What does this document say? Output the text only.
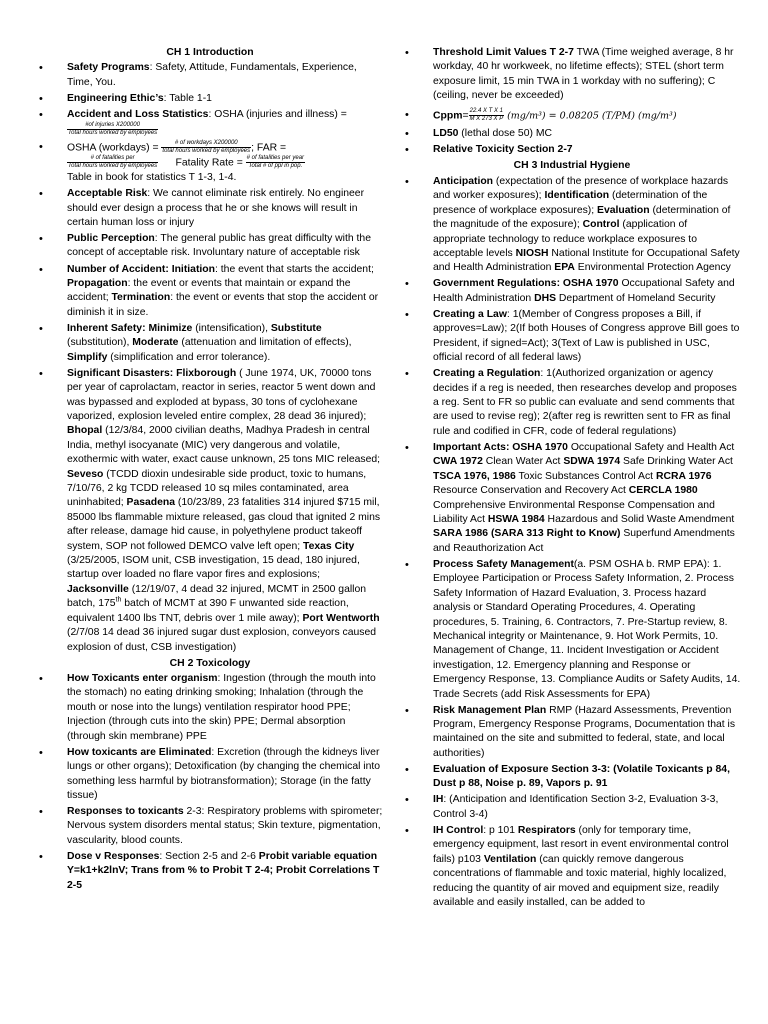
CH 1 Introduction
• Safety Programs: Safety, Attitude, Fundamentals, Experience, Time, You.
• Engineering Ethic’s: Table 1-1
• Accident and Loss Statistics: OSHA (injuries and illness) =

$\frac{\text{\#of injuries X200000}}{\text{Total hours worked by employees}}$
• OSHA (workdays) = $\frac{\text{\# of workdays X200000}}{\text{total hours worked by employees}}$ ; FAR =

$\frac{\text{\# of fatalities per}}{\text{Total hours worked by employees}}$ Fatality Rate = $\frac{\text{\# of fatalities per year}}{\text{Total \# of ppl in pop.}}$

Table in book for statistics T 1-3, 1-4.
• Acceptable Risk: We cannot eliminate risk entirely. No engineer should ever design a process that he or she knows will result in certain human loss or injury
• Public Perception: The general public has great difficulty with the concept of acceptable risk. Involuntary nature of acceptable risk
• Number of Accident: Initiation: the event that starts the accident; Propagation: the event or events that maintain or expand the accident; Termination: the event or events that stop the accident or diminish it in size.
• Inherent Safety: Minimize (intensification), Substitute (substitution), Moderate (attenuation and limitation of effects), Simplify (simplification and error tolerance).
• Significant Disasters: Flixborough ( June 1974, UK, 70000 tons per year of caprolactam, reactor in series, reactor 5 went down and was bypassed and exploded at bypass, 30 tons of cyclohexane vaporized, explosion leveled entire complex, 28 dead 36 injured); Bhopal (12/3/84, 2000 civilian deaths, Madhya Pradesh in central India, methyl isocyanate (MIC) very dangerous and volatile, exothermic with water, exact cause unknown, 25 tons MIC released; Seveso (TCDD dioxin undesirable side product, toxic to humans, 7/10/76, 2 kg TCDD released 10 sq miles contaminated, area uninhabited; Pasadena (10/23/89, 23 fatalities 314 injured $715 mil, 85000 lbs flammable mixture released, gas cloud that ignited 2 mins after release, damage hid cause, in polyethylene product takeoff system, SOP not followed DEMCO valve left open; Texas City (3/25/2005, ISOM unit, CSB investigation, 15 dead, 180 injured, startup over loaded no flare vapor fires and explosions; Jacksonville (12/19/07, 4 dead 32 injured, MCMT in 2500 gallon batch, 175th batch of MCMT at 390 F unwanted side reaction, equivalent 1400 lbs TNT, debris over 1 mile away); Port Wentworth (2/7/08 14 dead 36 injured sugar dust explosion, conveyors caused explosion of dust, CSB investigation)
CH 2 Toxicology
• How Toxicants enter organism: Ingestion (through the mouth into the stomach) no eating drinking smoking; Inhalation (through the mouth or nose into the lungs) ventilation respirator hood PPE; Injection (through cuts into the skin) PPE; Dermal absorption (through skin membrane) PPE
• How toxicants are Eliminated: Excretion (through the kidneys liver lungs or other organs); Detoxification (by changing the chemical into something less harmful by biotransformation); Storage (in the fatty tissue)
• Responses to toxicants 2-3: Respiratory problems with spirometer; Nervous system disorders mental status; Skin texture, pigmentation, vascularity, blood counts.
• Dose v Responses: Section 2-5 and 2-6 Probit variable equation Y=k1+k2lnV; Trans from % to Probit T 2-4; Probit Correlations T 2-5
• Threshold Limit Values T 2-7 TWA (Time weighed average, 8 hr workday, 40 hr workweek, no lifetime effects); STEL (short term exposure limit, 15 min TWA in 1 workday with no suffering); C (ceiling, never be exceeded)
• Cppm= $\frac{\text{22.4 X T X 1}}{\text{M X 273 X P}} (mg/m^3) = 0.08205$ (T/PM) (mg/m³)
• LD50 (lethal dose 50) MC
• Relative Toxicity Section 2-7
CH 3 Industrial Hygiene
• Anticipation (expectation of the presence of workplace hazards and worker exposures); Identification (determination of the presence of workplace exposures); Evaluation (determination of the magnitude of the exposure); Control (application of appropriate technology to reduce workplace exposures to acceptable levels NIOSH National Institute for Occupational Safety and Health Administration EPA Environmental Protection Agency
• Government Regulations: OSHA 1970 Occupational Safety and Health Administration DHS Department of Homeland Security
• Creating a Law: 1(Member of Congress proposes a Bill, if approves=Law); 2(If both Houses of Congress approve Bill goes to President, if signed=Act); 3(Text of Law is published in USC, official record of all federal laws)
• Creating a Regulation: 1(Authorized organization or agency decides if a reg is needed, then researches develop and proposes a reg. Sent to FR so public can evaluate and send comments that are used to revise reg); 2(after reg is rewritten sent to FR as final rule and codified in CFR, code of federal regulations)
• Important Acts: OSHA 1970 Occupational Safety and Health Act CWA 1972 Clean Water Act SDWA 1974 Safe Drinking Water Act TSCA 1976, 1986 Toxic Substances Control Act RCRA 1976 Resource Conservation and Recovery Act CERCLA 1980 Comprehensive Environmental Response Compensation and Liability Act HSWA 1984 Hazardous and Solid Waste Amendment SARA 1986 (SARA 313 Right to Know) Superfund Amendments and Reauthorization Act
• Process Safety Management(a. PSM OSHA b. RMP EPA): 1. Employee Participation or Process Safety Information, 2. Process Safety Information of Hazard Evaluation, 3. Process hazard analysis or Standard Operating Procedures, 4. Operating procedures, 5. Training, 6. Contractors, 7. Pre-Startup review, 8. Mechanical integrity or Maintenance, 9. Hot Work Permits, 10. Management of Change, 11. Incident Investigation or Accident investigation, 12. Emergency planning and Response or Emergency Response, 13. Compliance Audits or Safety Audits, 14. Trade Secrets (add Risk Assessments for EPA)
• Risk Management Plan RMP (Hazard Assessments, Prevention Program, Emergency Response Programs, Documentation that is maintained on the site and submitted to federal, state, and local authorities)
• Evaluation of Exposure Section 3-3: (Volatile Toxicants p 84, Dust p 88, Noise p. 89, Vapors p. 91
• IH: (Anticipation and Identification Section 3-2, Evaluation 3-3, Control 3-4)
• IH Control: p 101 Respirators (only for temporary time, emergency equipment, last resort in event environmental control fails) p103 Ventilation (can quickly remove dangerous concentrations of flammable and toxic material, highly localized, reducing the quantity of air moved and equipment size, readily available and easily installed, can be added to
